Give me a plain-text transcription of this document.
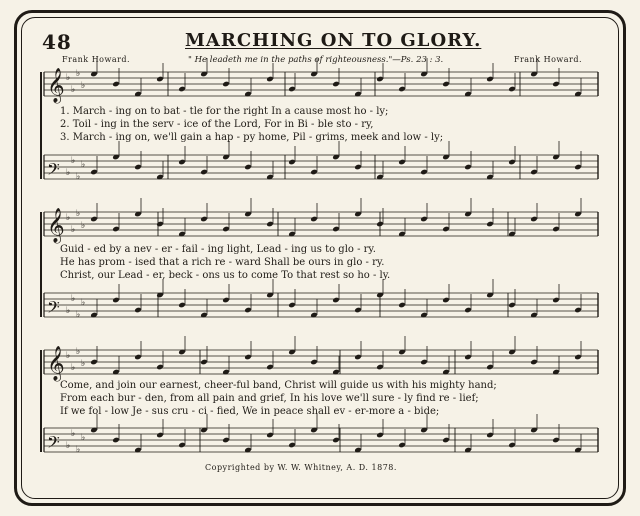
48	MARCHING ON TO GLORY.
Frank Howard.	" He leadeth me in the paths of righteousness."—Ps. 23 : 3.	Frank Howard.
𝄞 ♭
♭
♭
♭
𝄢 ♭
♭
♭
♭
𝄞 ♭
♭
♭
♭
𝄢 ♭
♭
♭
♭
𝄞 ♭
♭
♭
♭
𝄢 ♭
♭
♭
♭
1. March - ing on to bat - tle for the right In a cause most ho - ly;
2. Toil - ing in the serv - ice of the Lord, For in Bi - ble sto - ry,
3. March - ing on, we'll gain a hap - py home, Pil - grims, meek and low - ly;
Guid - ed by a nev - er - fail - ing light, Lead - ing us to glo - ry.
He has prom - ised that a rich re - ward Shall be ours in glo - ry.
Christ, our Lead - er, beck - ons us to come To that rest so ho - ly.
Come, and join our earnest, cheer-ful band, Christ will guide us with his mighty hand;
From each bur - den, from all pain and grief, In his love we'll sure - ly find re - lief;
If we fol - low Je - sus cru - ci - fied, We in peace shall ev - er-more a - bide;
Copyrighted by W. W. Whitney, A. D. 1878.
